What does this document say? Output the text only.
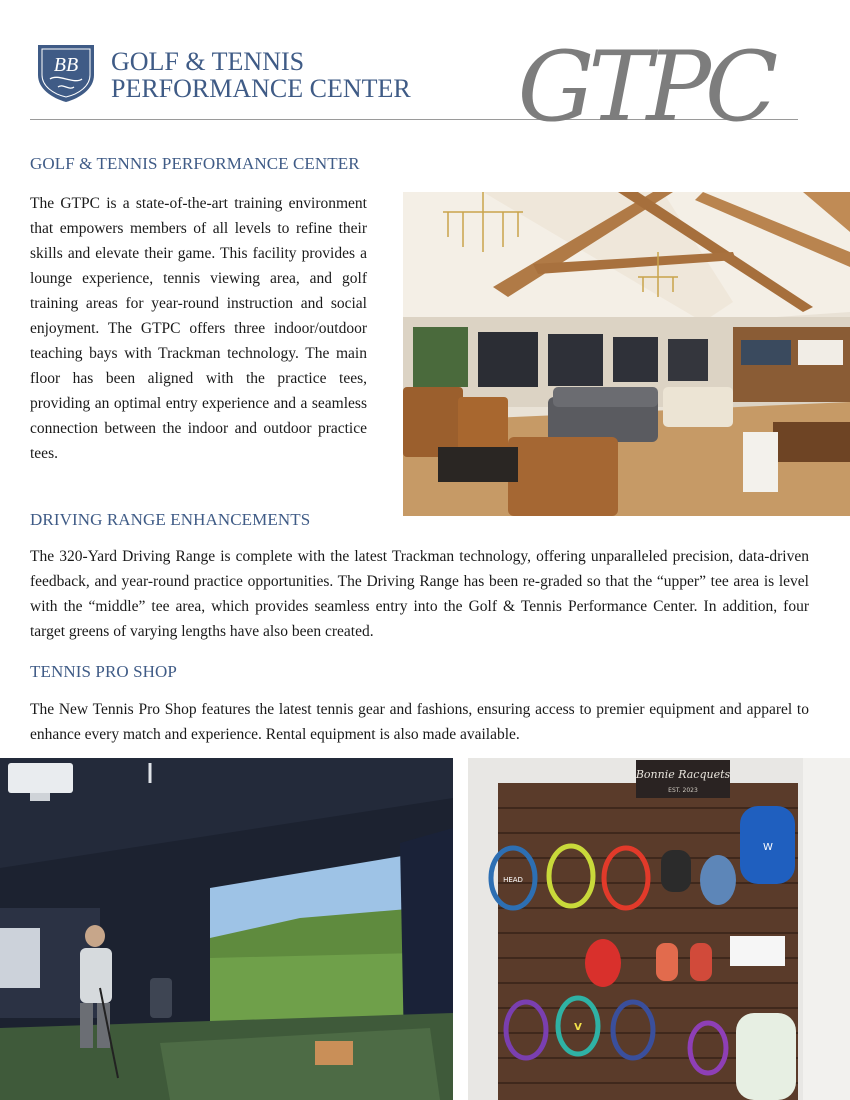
BB GOLF & TENNIS
PERFORMANCE CENTER GTPC
GOLF & TENNIS PERFORMANCE CENTER
The GTPC is a state-of-the-art training environment that empowers members of all levels to refine their skills and elevate their game. This facility provides a lounge experience, tennis viewing area, and golf training areas for year-round instruction and social enjoyment. The GTPC offers three indoor/outdoor teaching bays with Trackman technology. The main floor has been aligned with the practice tees, providing an optimal entry experience and a seamless connection between the indoor and outdoor practice tees.
DRIVING RANGE ENHANCEMENTS
The 320-Yard Driving Range is complete with the latest Trackman technology, offering unparalleled precision, data-driven feedback, and year-round practice opportunities. The Driving Range has been re-graded so that the “upper” tee area is level with the “middle” tee area, which provides seamless entry into the Golf & Tennis Performance Center. In addition, four target greens of varying lengths have also been created.
TENNIS PRO SHOP
The New Tennis Pro Shop features the latest tennis gear and fashions, ensuring access to premier equipment and apparel to enhance every match and experience. Rental equipment is also made available.
Bonnie Racquets
EST. 2023
HEAD
W
V
